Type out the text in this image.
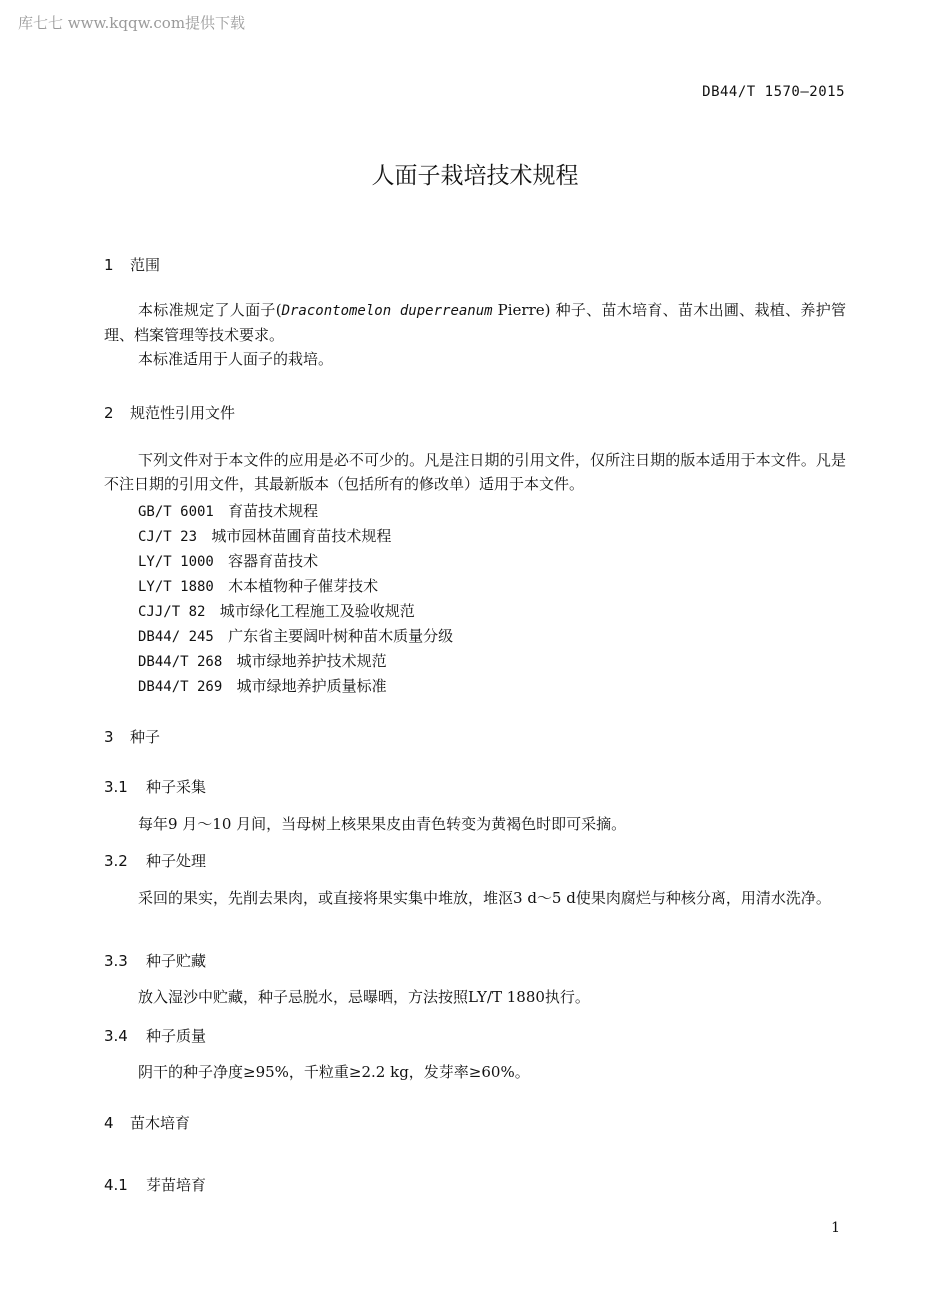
库七七 www.kqqw.com提供下载
DB44/T 1570—2015
人面子栽培技术规程
1 范围
本标准规定了人面子(Dracontomelon duperreanum Pierre) 种子、苗木培育、苗木出圃、栽植、养护管理、档案管理等技术要求。
本标准适用于人面子的栽培。
2 规范性引用文件
下列文件对于本文件的应用是必不可少的。凡是注日期的引用文件，仅所注日期的版本适用于本文件。凡是不注日期的引用文件，其最新版本（包括所有的修改单）适用于本文件。
GB/T 6001 育苗技术规程
CJ/T 23 城市园林苗圃育苗技术规程
LY/T 1000 容器育苗技术
LY/T 1880 木本植物种子催芽技术
CJJ/T 82 城市绿化工程施工及验收规范
DB44/ 245 广东省主要阔叶树种苗木质量分级
DB44/T 268 城市绿地养护技术规范
DB44/T 269 城市绿地养护质量标准
3 种子
3.1 种子采集
每年9 月～10 月间，当母树上核果果皮由青色转变为黄褐色时即可采摘。
3.2 种子处理
采回的果实，先削去果肉，或直接将果实集中堆放，堆沤3 d～5 d使果肉腐烂与种核分离，用清水洗净。
3.3 种子贮藏
放入湿沙中贮藏，种子忌脱水，忌曝晒，方法按照LY/T 1880执行。
3.4 种子质量
阴干的种子净度≥95%，千粒重≥2.2 kg，发芽率≥60%。
4 苗木培育
4.1 芽苗培育
1
